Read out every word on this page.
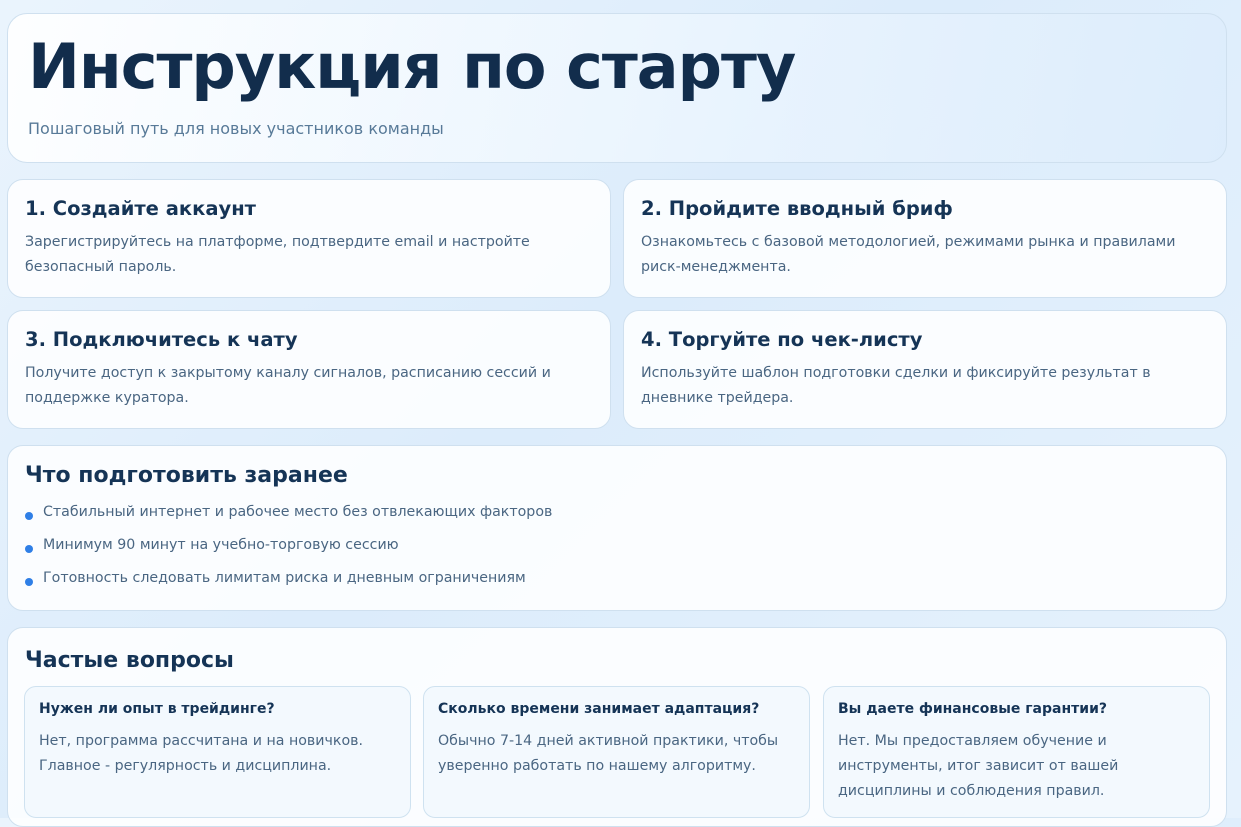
Инструкция по старту
Пошаговый путь для новых участников команды
1. Создайте аккаунт
Зарегистрируйтесь на платформе, подтвердите email и настройте безопасный пароль.
2. Пройдите вводный бриф
Ознакомьтесь с базовой методологией, режимами рынка и правилами риск-менеджмента.
3. Подключитесь к чату
Получите доступ к закрытому каналу сигналов, расписанию сессий и поддержке куратора.
4. Торгуйте по чек-листу
Используйте шаблон подготовки сделки и фиксируйте результат в дневнике трейдера.
Что подготовить заранее
Стабильный интернет и рабочее место без отвлекающих факторов
Минимум 90 минут на учебно-торговую сессию
Готовность следовать лимитам риска и дневным ограничениям
Частые вопросы
Нужен ли опыт в трейдинге?
Нет, программа рассчитана и на новичков. Главное - регулярность и дисциплина.
Сколько времени занимает адаптация?
Обычно 7-14 дней активной практики, чтобы уверенно работать по нашему алгоритму.
Вы даете финансовые гарантии?
Нет. Мы предоставляем обучение и инструменты, итог зависит от вашей дисциплины и соблюдения правил.
